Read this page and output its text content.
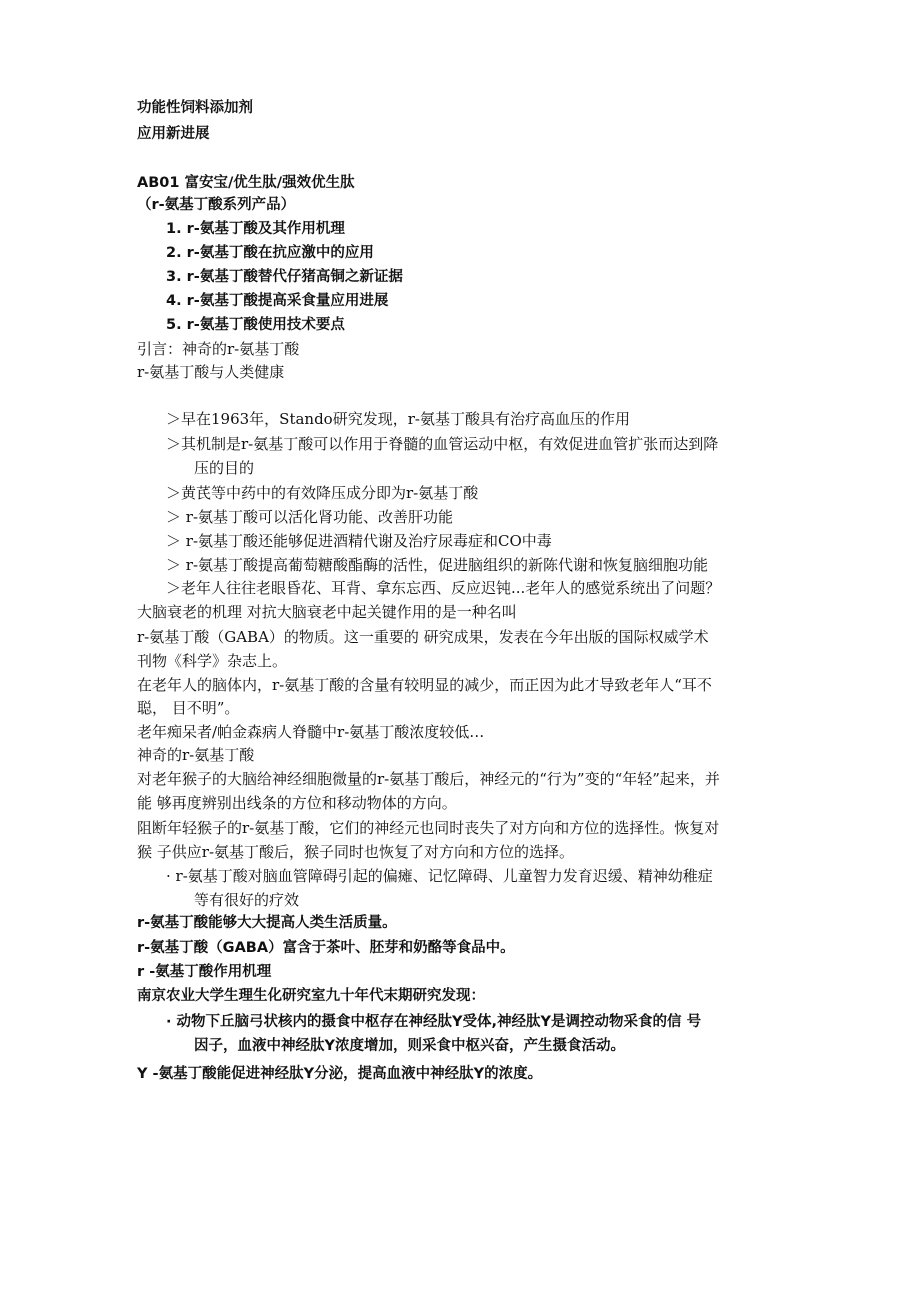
功能性饲料添加剂
应用新进展
AB01 富安宝/优生肽/强效优生肽
（r-氨基丁酸系列产品）
1. r-氨基丁酸及其作用机理
2. r-氨基丁酸在抗应激中的应用
3. r-氨基丁酸替代仔猪高铜之新证据
4. r-氨基丁酸提高采食量应用进展
5. r-氨基丁酸使用技术要点
引言：神奇的r-氨基丁酸
r-氨基丁酸与人类健康
＞早在1963年，Stando研究发现，r-氨基丁酸具有治疗高血压的作用
＞其机制是r-氨基丁酸可以作用于脊髓的血管运动中枢，有效促进血管扩张而达到降
压的目的
＞黄芪等中药中的有效降压成分即为r-氨基丁酸
＞ r-氨基丁酸可以活化肾功能、改善肝功能
＞ r-氨基丁酸还能够促进酒精代谢及治疗尿毒症和CO中毒
＞ r-氨基丁酸提高葡萄糖酸酯酶的活性，促进脑组织的新陈代谢和恢复脑细胞功能
＞老年人往往老眼昏花、耳背、拿东忘西、反应迟钝...老年人的感觉系统出了问题？
大脑衰老的机理 对抗大脑衰老中起关键作用的是一种名叫
r-氨基丁酸（GABA）的物质。这一重要的 研究成果，发表在今年出版的国际权威学术
刊物《科学》杂志上。
在老年人的脑体内，r-氨基丁酸的含量有较明显的减少，而正因为此才导致老年人“耳不
聪， 目不明”。
老年痴呆者/帕金森病人脊髓中r-氨基丁酸浓度较低…
神奇的r-氨基丁酸
对老年猴子的大脑给神经细胞微量的r-氨基丁酸后，神经元的“行为”变的“年轻”起来，并
能 够再度辨别出线条的方位和移动物体的方向。
阻断年轻猴子的r-氨基丁酸，它们的神经元也同时丧失了对方向和方位的选择性。恢复对
猴 子供应r-氨基丁酸后，猴子同时也恢复了对方向和方位的选择。
· r-氨基丁酸对脑血管障碍引起的偏瘫、记忆障碍、儿童智力发育迟缓、精神幼稚症
等有很好的疗效
r-氨基丁酸能够大大提高人类生活质量。
r-氨基丁酸（GABA）富含于茶叶、胚芽和奶酪等食品中。
r -氨基丁酸作用机理
南京农业大学生理生化研究室九十年代末期研究发现：
· 动物下丘脑弓状核内的摄食中枢存在神经肽Y受体,神经肽Y是调控动物采食的信 号
因子，血液中神经肽Y浓度增加，则采食中枢兴奋，产生摄食活动。
Y -氨基丁酸能促进神经肽Y分泌，提高血液中神经肽Y的浓度。
